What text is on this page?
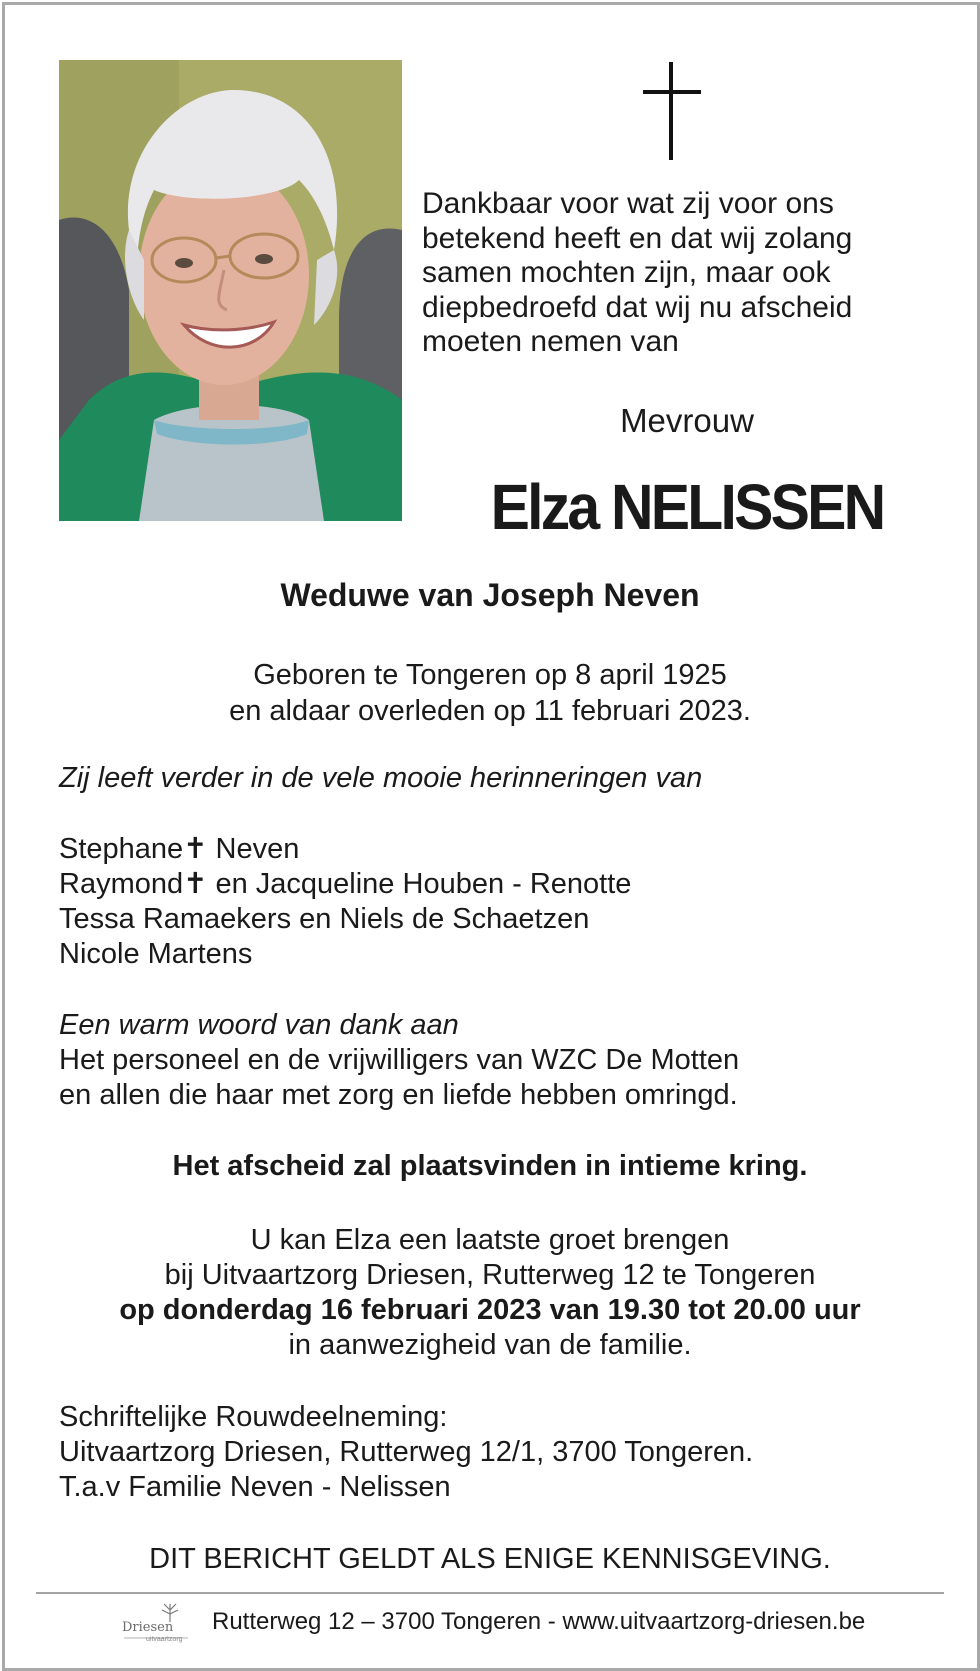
Dankbaar voor wat zij voor ons
betekend heeft en dat wij zolang
samen mochten zijn, maar ook
diepbedroefd dat wij nu afscheid
moeten nemen van
Mevrouw
Elza NELISSEN
Weduwe van Joseph Neven
Geboren te Tongeren op 8 april 1925
en aldaar overleden op 11 februari 2023.
Zij leeft verder in de vele mooie herinneringen van
Stephane✝ Neven
Raymond✝ en Jacqueline Houben - Renotte
Tessa Ramaekers en Niels de Schaetzen
Nicole Martens
Een warm woord van dank aan
Het personeel en de vrijwilligers van WZC De Motten
en allen die haar met zorg en liefde hebben omringd.
Het afscheid zal plaatsvinden in intieme kring.
U kan Elza een laatste groet brengen
bij Uitvaartzorg Driesen, Rutterweg 12 te Tongeren
op donderdag 16 februari 2023 van 19.30 tot 20.00 uur
in aanwezigheid van de familie.
Schriftelijke Rouwdeelneming:
Uitvaartzorg Driesen, Rutterweg 12/1, 3700 Tongeren.
T.a.v Familie Neven - Nelissen
DIT BERICHT GELDT ALS ENIGE KENNISGEVING.
Driesen
uitvaartzorg
Rutterweg 12 – 3700 Tongeren - www.uitvaartzorg-driesen.be
